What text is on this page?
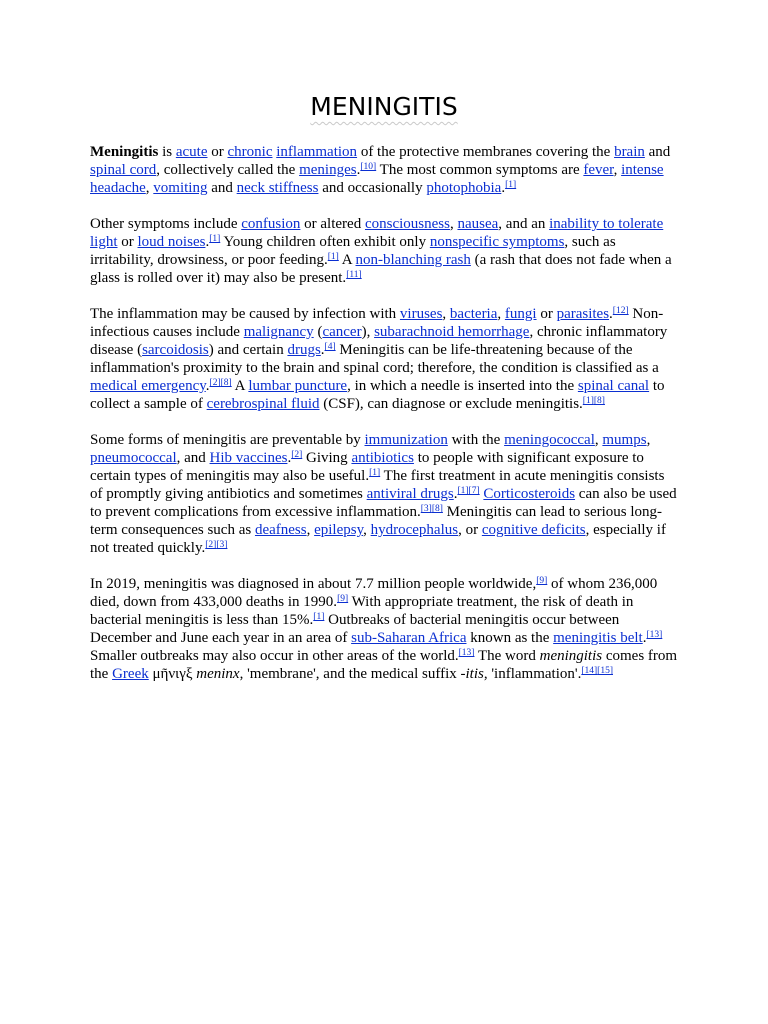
MENINGITIS

Meningitis is acute or chronic inflammation of the protective membranes covering the brain and spinal cord, collectively called the meninges.[10] The most common symptoms are fever, intense headache, vomiting and neck stiffness and occasionally photophobia.[1]

Other symptoms include confusion or altered consciousness, nausea, and an inability to tolerate light or loud noises.[1] Young children often exhibit only nonspecific symptoms, such as irritability, drowsiness, or poor feeding.[1] A non-blanching rash (a rash that does not fade when a glass is rolled over it) may also be present.[11]

The inflammation may be caused by infection with viruses, bacteria, fungi or parasites.[12] Non-infectious causes include malignancy (cancer), subarachnoid hemorrhage, chronic inflammatory disease (sarcoidosis) and certain drugs.[4] Meningitis can be life-threatening because of the inflammation's proximity to the brain and spinal cord; therefore, the condition is classified as a medical emergency.[2][8] A lumbar puncture, in which a needle is inserted into the spinal canal to collect a sample of cerebrospinal fluid (CSF), can diagnose or exclude meningitis.[1][8]

Some forms of meningitis are preventable by immunization with the meningococcal, mumps, pneumococcal, and Hib vaccines.[2] Giving antibiotics to people with significant exposure to certain types of meningitis may also be useful.[1] The first treatment in acute meningitis consists of promptly giving antibiotics and sometimes antiviral drugs.[1][7] Corticosteroids can also be used to prevent complications from excessive inflammation.[3][8] Meningitis can lead to serious long-term consequences such as deafness, epilepsy, hydrocephalus, or cognitive deficits, especially if not treated quickly.[2][3]

In 2019, meningitis was diagnosed in about 7.7 million people worldwide,[9] of whom 236,000 died, down from 433,000 deaths in 1990.[9] With appropriate treatment, the risk of death in bacterial meningitis is less than 15%.[1] Outbreaks of bacterial meningitis occur between December and June each year in an area of sub-Saharan Africa known as the meningitis belt.[13] Smaller outbreaks may also occur in other areas of the world.[13] The word meningitis comes from the Greek μῆνιγξ meninx, 'membrane', and the medical suffix -itis, 'inflammation'.[14][15]
